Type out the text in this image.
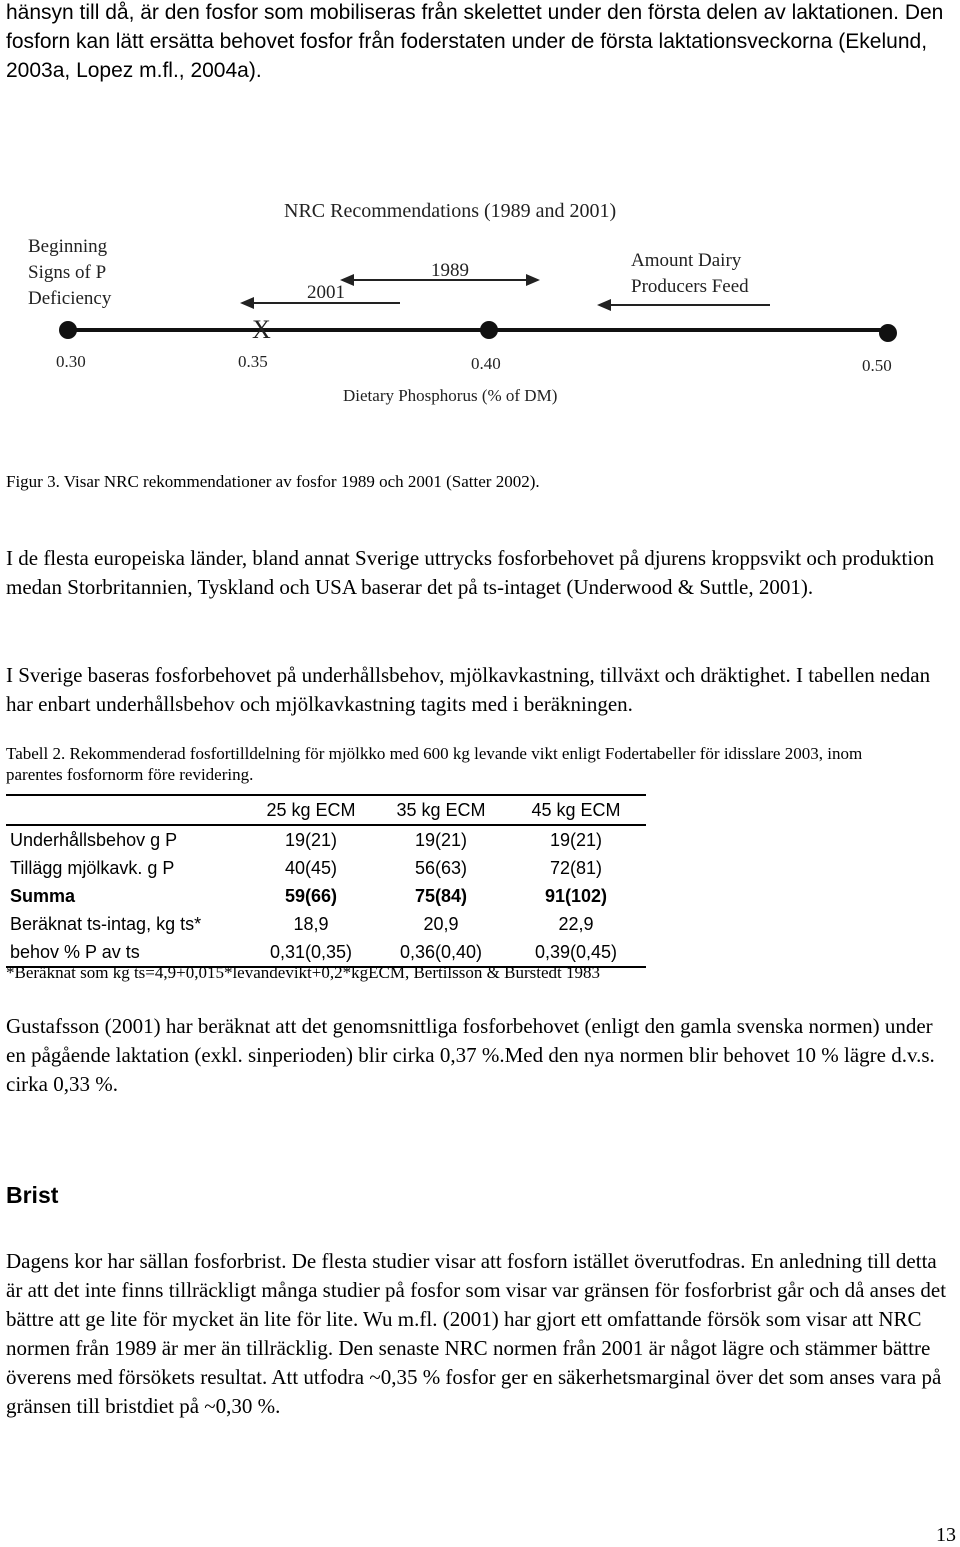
hänsyn till då, är den fosfor som mobiliseras från skelettet under den första delen av laktationen. Den fosforn kan lätt ersätta behovet fosfor från foderstaten under de första laktationsveckorna (Ekelund, 2003a, Lopez m.fl., 2004a).

NRC Recommendations (1989 and 2001)
Beginning
Signs of P
Deficiency
Amount Dairy
Producers Feed
1989
2001
X
0.30	0.35	0.40	0.50
Dietary Phosphorus (% of DM)

Figur 3. Visar NRC rekommendationer av fosfor 1989 och 2001 (Satter 2002).

I de flesta europeiska länder, bland annat Sverige uttrycks fosforbehovet på djurens kroppsvikt och produktion medan Storbritannien, Tyskland och USA baserar det på ts-intaget (Underwood & Suttle, 2001).

I Sverige baseras fosforbehovet på underhållsbehov, mjölkavkastning, tillväxt och dräktighet. I tabellen nedan har enbart underhållsbehov och mjölkavkastning tagits med i beräkningen.

Tabell 2. Rekommenderad fosfortilldelning för mjölkko med 600 kg levande vikt enligt Fodertabeller för idisslare 2003, inom parentes fosfornorm före revidering.

	25 kg ECM	35 kg ECM	45 kg ECM
Underhållsbehov g P	19(21)	19(21)	19(21)
Tillägg mjölkavk. g P	40(45)	56(63)	72(81)
Summa	59(66)	75(84)	91(102)
Beräknat ts-intag, kg ts*	18,9	20,9	22,9
behov % P av ts	0,31(0,35)	0,36(0,40)	0,39(0,45)

*Beräknat som kg ts=4,9+0,015*levandevikt+0,2*kgECM, Bertilsson & Burstedt 1983

Gustafsson (2001) har beräknat att det genomsnittliga fosforbehovet (enligt den gamla svenska normen) under en pågående laktation (exkl. sinperioden) blir cirka 0,37 %.Med den nya normen blir behovet 10 % lägre d.v.s. cirka 0,33 %.

Brist

Dagens kor har sällan fosforbrist. De flesta studier visar att fosforn istället överutfodras. En anledning till detta är att det inte finns tillräckligt många studier på fosfor som visar var gränsen för fosforbrist går och då anses det bättre att ge lite för mycket än lite för lite. Wu m.fl. (2001) har gjort ett omfattande försök som visar att NRC normen från 1989 är mer än tillräcklig. Den senaste NRC normen från 2001 är något lägre och stämmer bättre överens med försökets resultat. Att utfodra ~0,35 % fosfor ger en säkerhetsmarginal över det som anses vara på gränsen till bristdiet på ~0,30 %.

13
